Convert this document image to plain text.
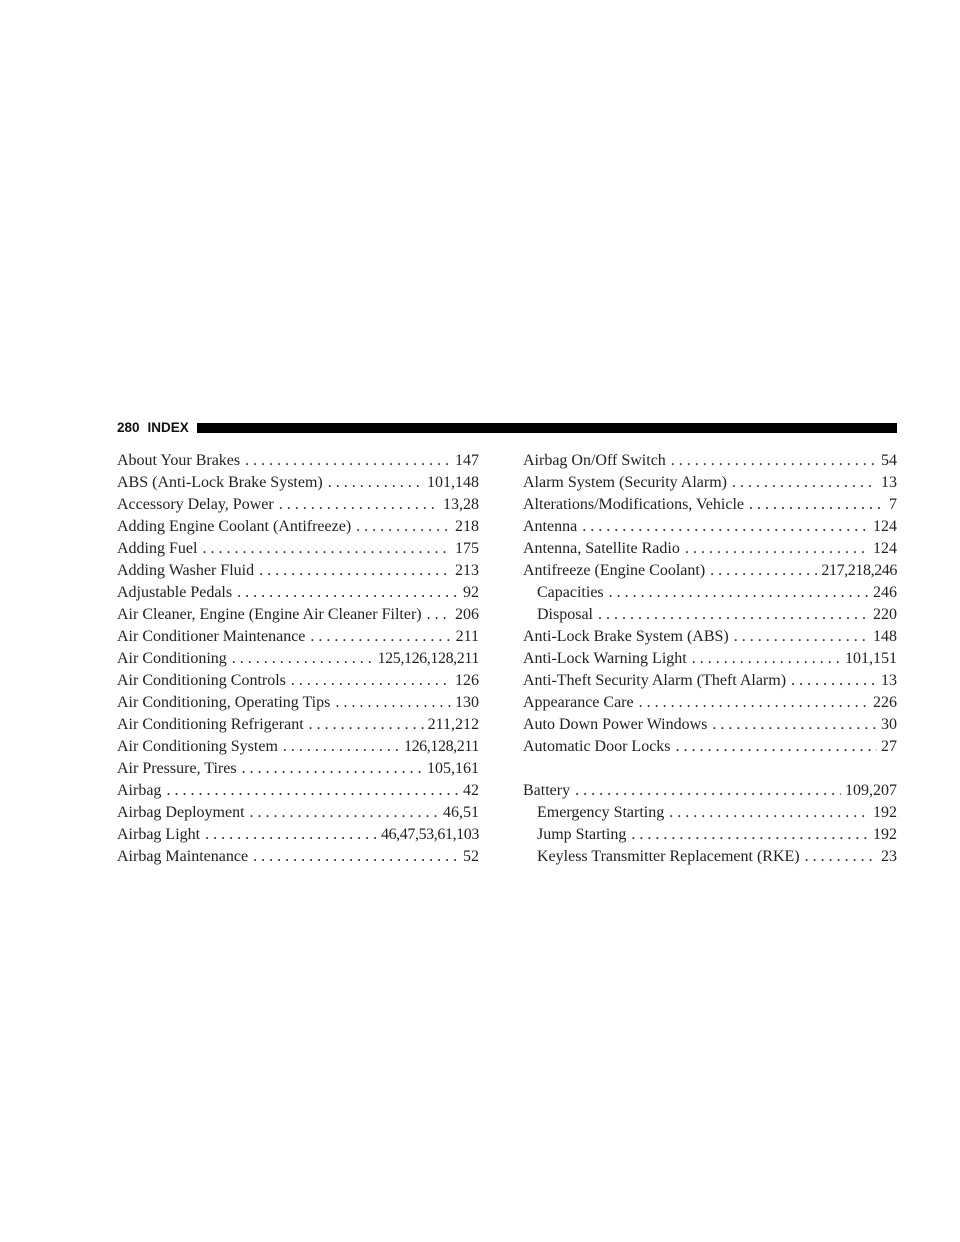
280 INDEX
About Your Brakes . . .	147
ABS (Anti-Lock Brake System) . . .	101,148
Accessory Delay, Power . . .	13,28
Adding Engine Coolant (Antifreeze) . . .	218
Adding Fuel . . .	175
Adding Washer Fluid . . .	213
Adjustable Pedals . . .	92
Air Cleaner, Engine (Engine Air Cleaner Filter) . . .	206
Air Conditioner Maintenance . . .	211
Air Conditioning . . .	125,126,128,211
Air Conditioning Controls . . .	126
Air Conditioning, Operating Tips . . .	130
Air Conditioning Refrigerant . . .	211,212
Air Conditioning System . . .	126,128,211
Air Pressure, Tires . . .	105,161
Airbag . . .	42
Airbag Deployment . . .	46,51
Airbag Light . . .	46,47,53,61,103
Airbag Maintenance . . .	52
Airbag On/Off Switch . . .	54
Alarm System (Security Alarm) . . .	13
Alterations/Modifications, Vehicle . . .	7
Antenna . . .	124
Antenna, Satellite Radio . . .	124
Antifreeze (Engine Coolant) . . .	217,218,246
Capacities . . .	246
Disposal . . .	220
Anti-Lock Brake System (ABS) . . .	148
Anti-Lock Warning Light . . .	101,151
Anti-Theft Security Alarm (Theft Alarm) . . .	13
Appearance Care . . .	226
Auto Down Power Windows . . .	30
Automatic Door Locks . . .	27
Battery . . .	109,207
Emergency Starting . . .	192
Jump Starting . . .	192
Keyless Transmitter Replacement (RKE) . . .	23
